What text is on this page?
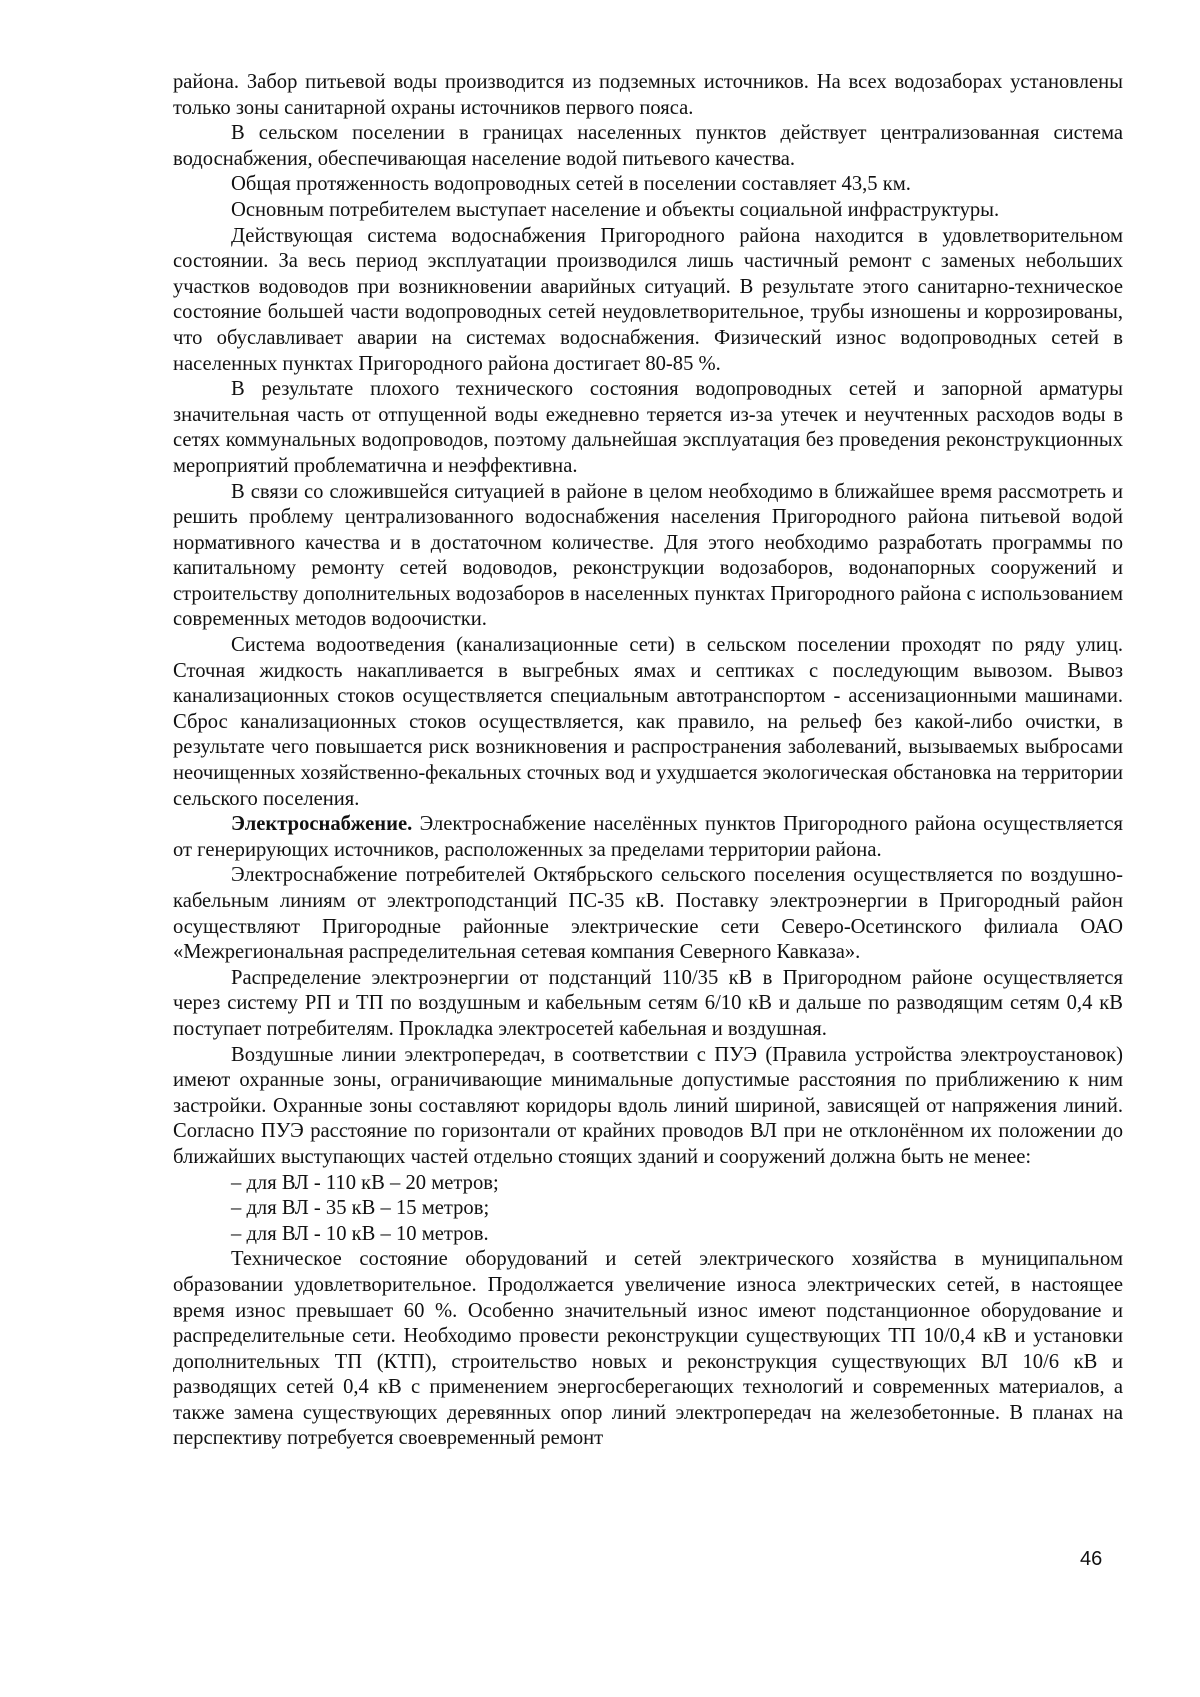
района. Забор питьевой воды производится из подземных источников. На всех водозаборах установлены только зоны санитарной охраны источников первого пояса.

В сельском поселении в границах населенных пунктов действует централизованная система водоснабжения, обеспечивающая население водой питьевого качества.

Общая протяженность водопроводных сетей в поселении составляет 43,5 км.

Основным потребителем выступает население и объекты социальной инфраструктуры.

Действующая система водоснабжения Пригородного района находится в удовлетворительном состоянии. За весь период эксплуатации производился лишь частичный ремонт с заменых небольших участков водоводов при возникновении аварийных ситуаций. В результате этого санитарно-техническое состояние большей части водопроводных сетей неудовлетворительное, трубы изношены и коррозированы, что обуславливает аварии на системах водоснабжения. Физический износ водопроводных сетей в населенных пунктах Пригородного района достигает 80-85 %.

В результате плохого технического состояния водопроводных сетей и запорной арматуры значительная часть от отпущенной воды ежедневно теряется из-за утечек и неучтенных расходов воды в сетях коммунальных водопроводов, поэтому дальнейшая эксплуатация без проведения реконструкционных мероприятий проблематична и неэффективна.

В связи со сложившейся ситуацией в районе в целом необходимо в ближайшее время рассмотреть и решить проблему централизованного водоснабжения населения Пригородного района питьевой водой нормативного качества и в достаточном количестве. Для этого необходимо разработать программы по капитальному ремонту сетей водоводов, реконструкции водозаборов, водонапорных сооружений и строительству дополнительных водозаборов в населенных пунктах Пригородного района с использованием современных методов водоочистки.

Система водоотведения (канализационные сети) в сельском поселении проходят по ряду улиц. Сточная жидкость накапливается в выгребных ямах и септиках с последующим вывозом. Вывоз канализационных стоков осуществляется специальным автотранспортом - ассенизационными машинами. Сброс канализационных стоков осуществляется, как правило, на рельеф без какой-либо очистки, в результате чего повышается риск возникновения и распространения заболеваний, вызываемых выбросами неочищенных хозяйственно-фекальных сточных вод и ухудшается экологическая обстановка на территории сельского поселения.

Электроснабжение. Электроснабжение населённых пунктов Пригородного района осуществляется от генерирующих источников, расположенных за пределами территории района.

Электроснабжение потребителей Октябрьского сельского поселения осуществляется по воздушно-кабельным линиям от электроподстанций ПС-35 кВ. Поставку электроэнергии в Пригородный район осуществляют Пригородные районные электрические сети Северо-Осетинского филиала ОАО «Межрегиональная распределительная сетевая компания Северного Кавказа».

Распределение электроэнергии от подстанций 110/35 кВ в Пригородном районе осуществляется через систему РП и ТП по воздушным и кабельным сетям 6/10 кВ и дальше по разводящим сетям 0,4 кВ поступает потребителям. Прокладка электросетей кабельная и воздушная.

Воздушные линии электропередач, в соответствии с ПУЭ (Правила устройства электроустановок) имеют охранные зоны, ограничивающие минимальные допустимые расстояния по приближению к ним застройки. Охранные зоны составляют коридоры вдоль линий шириной, зависящей от напряжения линий. Согласно ПУЭ расстояние по горизонтали от крайних проводов ВЛ при не отклонённом их положении до ближайших выступающих частей отдельно стоящих зданий и сооружений должна быть не менее:

– для ВЛ - 110 кВ – 20 метров;

– для ВЛ - 35 кВ – 15 метров;

– для ВЛ - 10 кВ – 10 метров.

Техническое состояние оборудований и сетей электрического хозяйства в муниципальном образовании удовлетворительное. Продолжается увеличение износа электрических сетей, в настоящее время износ превышает 60 %. Особенно значительный износ имеют подстанционное оборудование и распределительные сети. Необходимо провести реконструкции существующих ТП 10/0,4 кВ и установки дополнительных ТП (КТП), строительство новых и реконструкция существующих ВЛ 10/6 кВ и разводящих сетей 0,4 кВ с применением энергосберегающих технологий и современных материалов, а также замена существующих деревянных опор линий электропередач на железобетонные. В планах на перспективу потребуется своевременный ремонт

46
